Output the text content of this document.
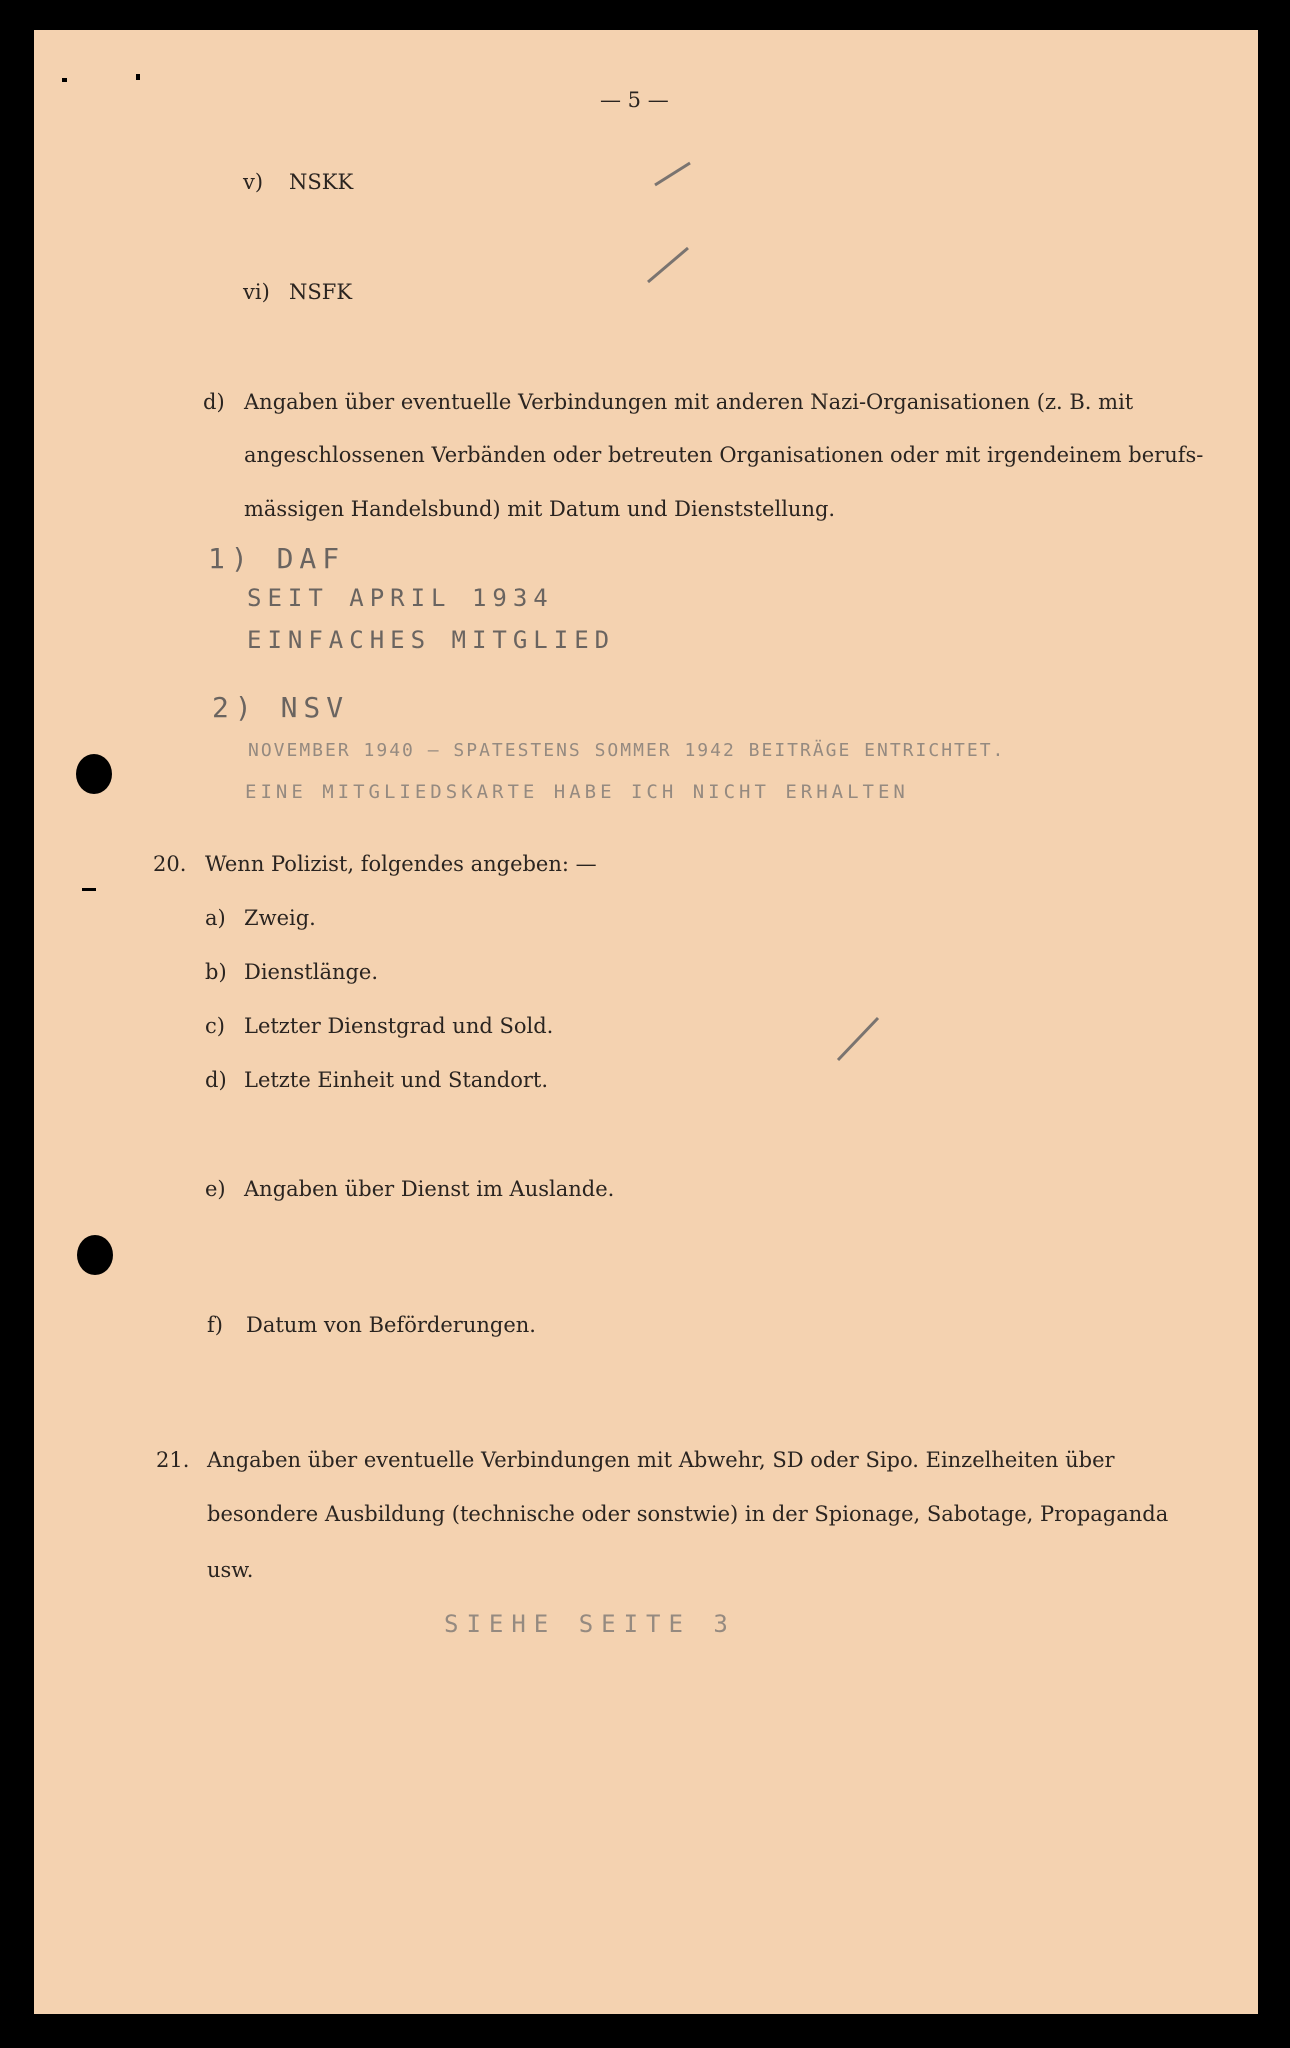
— 5 —
v) NSKK
vi) NSFK
d) Angaben über eventuelle Verbindungen mit anderen Nazi-Organisationen (z. B. mit
angeschlossenen Verbänden oder betreuten Organisationen oder mit irgendeinem berufs-
mässigen Handelsbund) mit Datum und Dienststellung.
1) DAF
SEIT APRIL 1934
EINFACHES MITGLIED
2) NSV
NOVEMBER 1940 — SPATESTENS SOMMER 1942 BEITRÄGE ENTRICHTET.
EINE MITGLIEDSKARTE HABE ICH NICHT ERHALTEN
20. Wenn Polizist, folgendes angeben: —
a) Zweig.
b) Dienstlänge.
c) Letzter Dienstgrad und Sold.
d) Letzte Einheit und Standort.
e) Angaben über Dienst im Auslande.
f) Datum von Beförderungen.
21. Angaben über eventuelle Verbindungen mit Abwehr, SD oder Sipo. Einzelheiten über
besondere Ausbildung (technische oder sonstwie) in der Spionage, Sabotage, Propaganda
usw.
SIEHE SEITE 3
